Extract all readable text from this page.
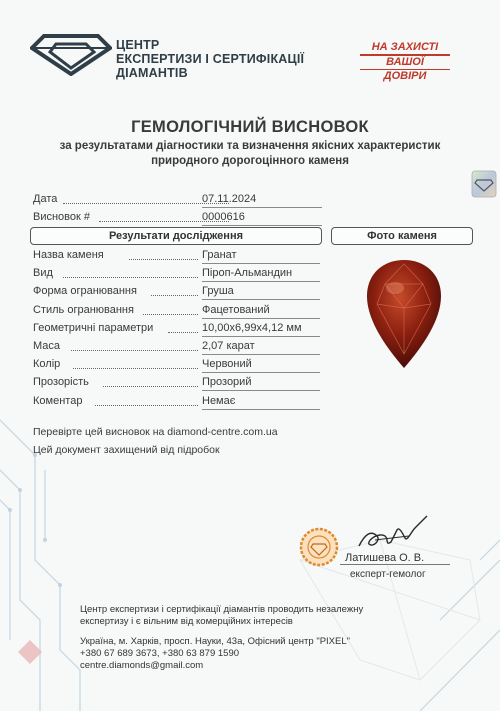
ЦЕНТР
ЕКСПЕРТИЗИ І СЕРТИФІКАЦІЇ
ДІАМАНТІВ
НА ЗАХИСТІ
ВАШОЇ
ДОВІРИ
ГЕМОЛОГІЧНИЙ ВИСНОВОК
за результатами діагностики та визначення якісних характеристик
природного дорогоцінного каменя
Дата	07.11.2024
Висновок #	0000616
Результати дослідження	Фото каменя
Назва каменя	Гранат
Вид	Піроп-Альмандин
Форма огранювання	Груша
Стиль огранювання	Фацетований
Геометричні параметри	10,00х6,99х4,12 мм
Маса	2,07 карат
Колір	Червоний
Прозорість	Прозорий
Коментар	Немає
Перевірте цей висновок на diamond-centre.com.ua
Цей документ захищений від підробок
Латишева О. В.
експерт-гемолог
Центр експертизи і сертифікації діамантів проводить незалежну
експертизу і є вільним від комерційних інтересів
Україна, м. Харків, просп. Науки, 43а, Офісний центр "PIXEL"
+380 67 689 3673, +380 63 879 1590
centre.diamonds@gmail.com
